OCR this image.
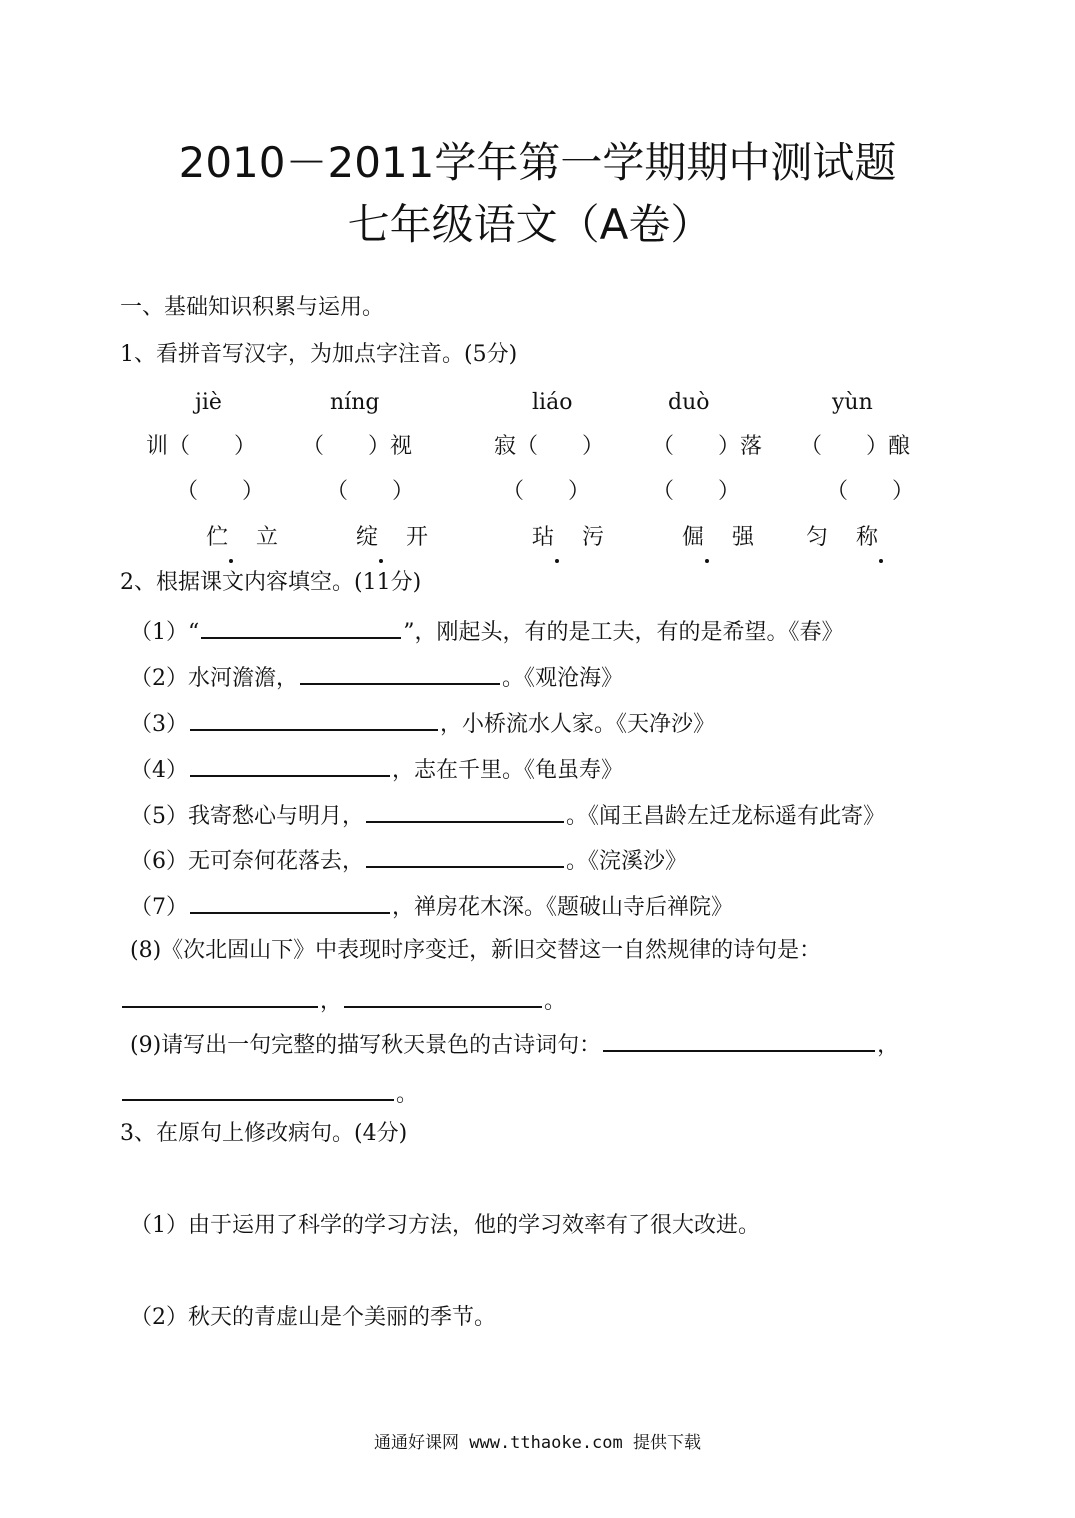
2010－2011学年第一学期期中测试题
七年级语文（A卷）
一、基础知识积累与运用。
1、看拼音写汉字，为加点字注音。(5分)
jiè	níng	liáo	duò	yùn
训（　　） （　　）视	寂（　　） （　　）落 （　　）酿
（　　）	（　　）	（　　）	（　　）	（　　）
伫立 绽开	玷污 倔强 匀称
2、根据课文内容填空。(11分)
（1）“	”，刚起头，有的是工夫，有的是希望。《春》
（2）水河澹澹，	。《观沧海》
（3）	，小桥流水人家。《天净沙》
（4）	，志在千里。《龟虽寿》
（5）我寄愁心与明月，	。《闻王昌龄左迁龙标遥有此寄》
（6）无可奈何花落去，	。《浣溪沙》
（7）	，禅房花木深。《题破山寺后禅院》
(8)《次北固山下》中表现时序变迁，新旧交替这一自然规律的诗句是：
，	。
(9)请写出一句完整的描写秋天景色的古诗词句：	，
。
3、在原句上修改病句。(4分)
（1）由于运用了科学的学习方法，他的学习效率有了很大改进。
（2）秋天的青虚山是个美丽的季节。
通通好课网 www.tthaoke.com 提供下载
